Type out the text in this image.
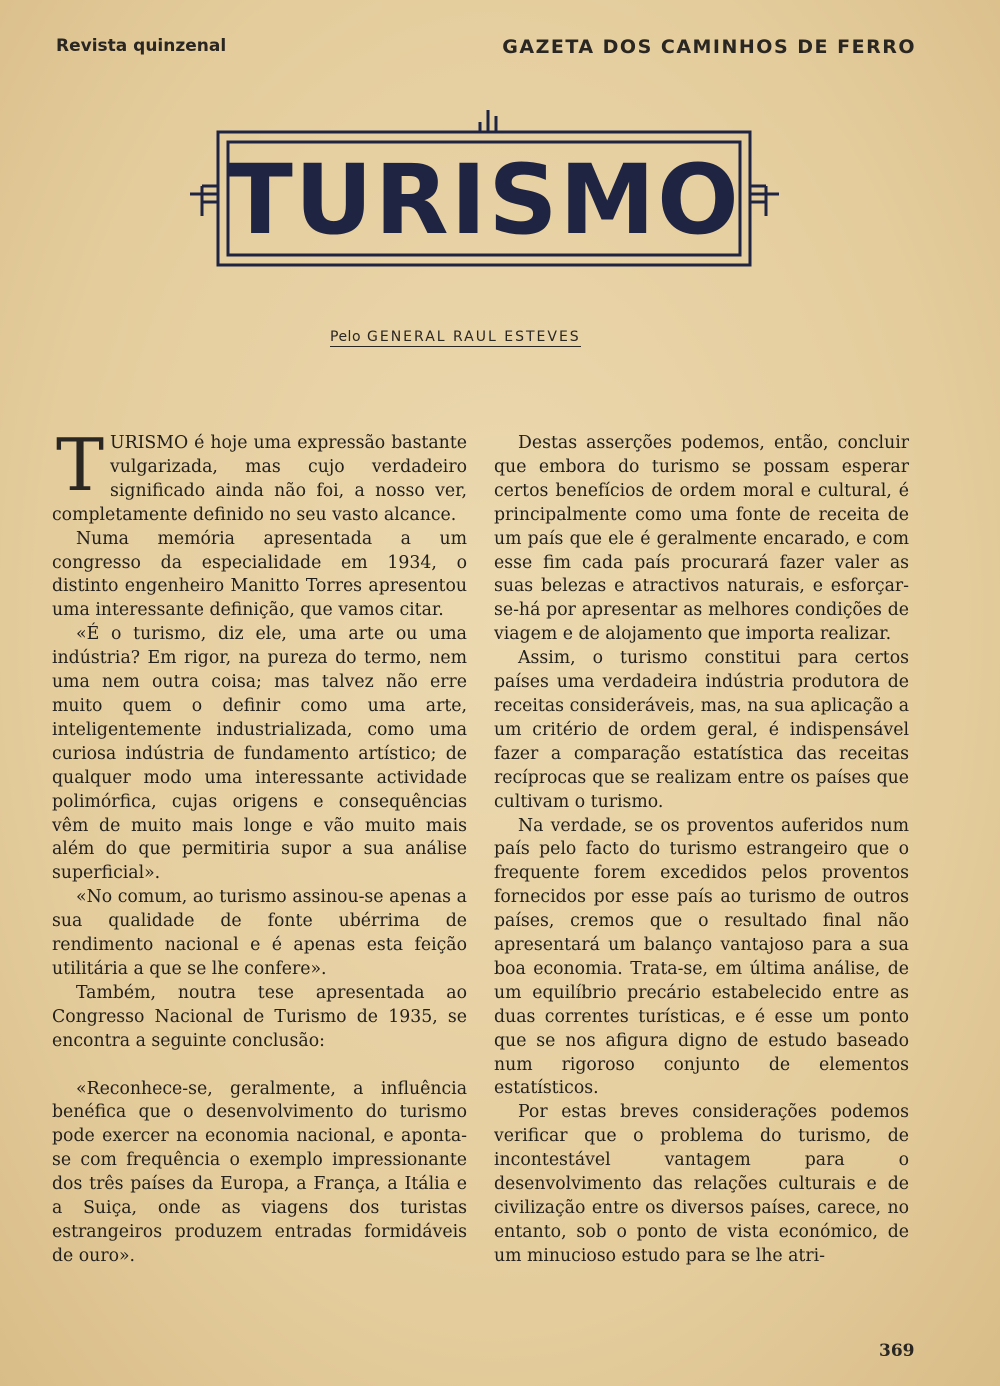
Revista quinzenal	GAZETA DOS CAMINHOS DE FERRO
TURISMO
Pelo GENERAL RAUL ESTEVES

TURISMO é hoje uma expressão bastante vulgarizada, mas cujo verdadeiro significado ainda não foi, a nosso ver, completamente definido no seu vasto alcance.

Numa memória apresentada a um congresso da especialidade em 1934, o distinto engenheiro Manitto Torres apresentou uma interessante definição, que vamos citar.

«É o turismo, diz ele, uma arte ou uma indústria? Em rigor, na pureza do termo, nem uma nem outra coisa; mas talvez não erre muito quem o definir como uma arte, inteligentemente industrializada, como uma curiosa indústria de fundamento artístico; de qualquer modo uma interessante actividade polimórfica, cujas origens e consequências vêm de muito mais longe e vão muito mais além do que permitiria supor a sua análise superficial».

«No comum, ao turismo assinou-se apenas a sua qualidade de fonte ubérrima de rendimento nacional e é apenas esta feição utilitária a que se lhe confere».

Também, noutra tese apresentada ao Congresso Nacional de Turismo de 1935, se encontra a seguinte conclusão:

«Reconhece-se, geralmente, a influência benéfica que o desenvolvimento do turismo pode exercer na economia nacional, e aponta-se com frequência o exemplo impressionante dos três países da Europa, a França, a Itália e a Suiça, onde as viagens dos turistas estrangeiros produzem entradas formidáveis de ouro».

Destas asserções podemos, então, concluir que embora do turismo se possam esperar certos benefícios de ordem moral e cultural, é principalmente como uma fonte de receita de um país que ele é geralmente encarado, e com esse fim cada país procurará fazer valer as suas belezas e atractivos naturais, e esforçar-se-há por apresentar as melhores condições de viagem e de alojamento que importa realizar.

Assim, o turismo constitui para certos países uma verdadeira indústria produtora de receitas consideráveis, mas, na sua aplicação a um critério de ordem geral, é indispensável fazer a comparação estatística das receitas recíprocas que se realizam entre os países que cultivam o turismo.

Na verdade, se os proventos auferidos num país pelo facto do turismo estrangeiro que o frequente forem excedidos pelos proventos fornecidos por esse país ao turismo de outros países, cremos que o resultado final não apresentará um balanço vantajoso para a sua boa economia. Trata-se, em última análise, de um equilíbrio precário estabelecido entre as duas correntes turísticas, e é esse um ponto que se nos afigura digno de estudo baseado num rigoroso conjunto de elementos estatísticos.

Por estas breves considerações podemos verificar que o problema do turismo, de incontestável vantagem para o desenvolvimento das relações culturais e de civilização entre os diversos países, carece, no entanto, sob o ponto de vista económico, de um minucioso estudo para se lhe atri-

369
